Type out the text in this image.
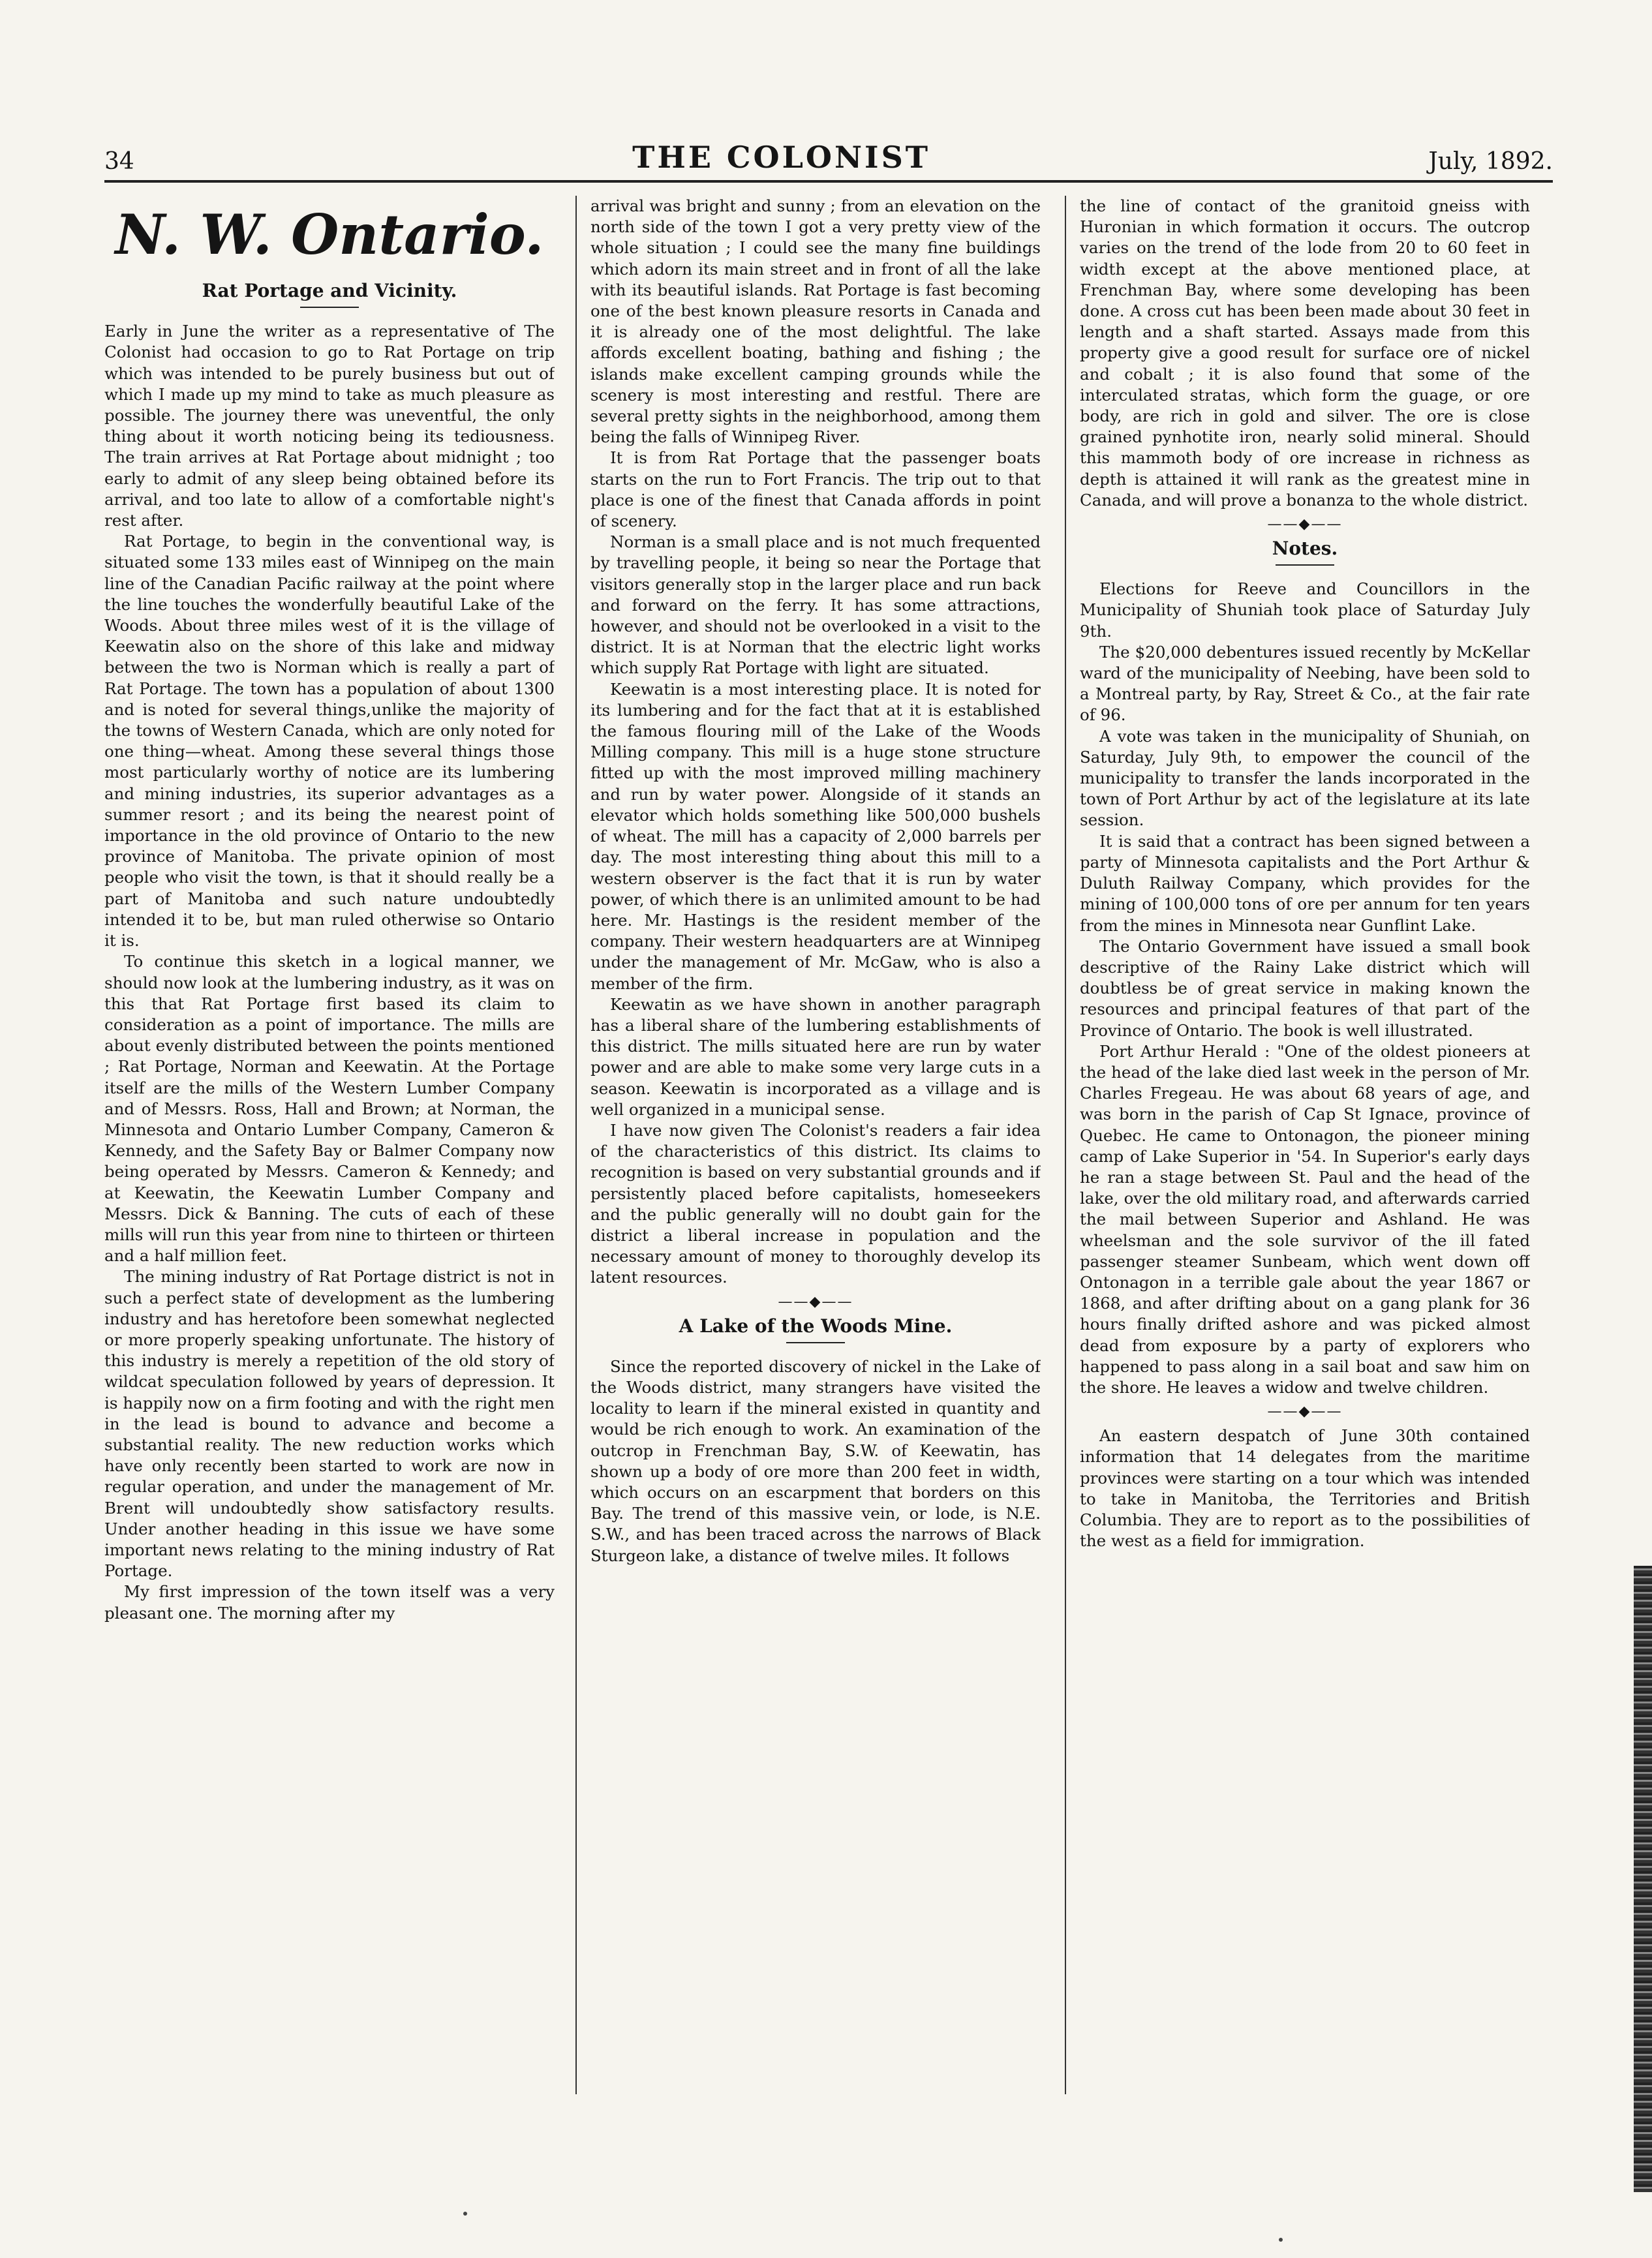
34	THE COLONIST	July, 1892.
N. W. Ontario.
Rat Portage and Vicinity.

Early in June the writer as a representative of The Colonist had occasion to go to Rat Portage on trip which was intended to be purely business but out of which I made up my mind to take as much pleasure as possible. The journey there was uneventful, the only thing about it worth noticing being its tediousness. The train arrives at Rat Portage about midnight ; too early to admit of any sleep being obtained before its arrival, and too late to allow of a comfortable night's rest after.

Rat Portage, to begin in the conventional way, is situated some 133 miles east of Winnipeg on the main line of the Canadian Pacific railway at the point where the line touches the wonderfully beautiful Lake of the Woods. About three miles west of it is the village of Keewatin also on the shore of this lake and midway between the two is Norman which is really a part of Rat Portage. The town has a population of about 1300 and is noted for several things,unlike the majority of the towns of Western Canada, which are only noted for one thing—wheat. Among these several things those most particularly worthy of notice are its lumbering and mining industries, its superior advantages as a summer resort ; and its being the nearest point of importance in the old province of Ontario to the new province of Manitoba. The private opinion of most people who visit the town, is that it should really be a part of Manitoba and such nature undoubtedly intended it to be, but man ruled otherwise so Ontario it is.

To continue this sketch in a logical manner, we should now look at the lumbering industry, as it was on this that Rat Portage first based its claim to consideration as a point of importance. The mills are about evenly distributed between the points mentioned ; Rat Portage, Norman and Keewatin. At the Portage itself are the mills of the Western Lumber Company and of Messrs. Ross, Hall and Brown; at Norman, the Minnesota and Ontario Lumber Company, Cameron & Kennedy, and the Safety Bay or Balmer Company now being operated by Messrs. Cameron & Kennedy; and at Keewatin, the Keewatin Lumber Company and Messrs. Dick & Banning. The cuts of each of these mills will run this year from nine to thirteen or thirteen and a half million feet.

The mining industry of Rat Portage district is not in such a perfect state of development as the lumbering industry and has heretofore been somewhat neglected or more properly speaking unfortunate. The history of this industry is merely a repetition of the old story of wildcat speculation followed by years of depression. It is happily now on a firm footing and with the right men in the lead is bound to advance and become a substantial reality. The new reduction works which have only recently been started to work are now in regular operation, and under the management of Mr. Brent will undoubtedly show satisfactory results. Under another heading in this issue we have some important news relating to the mining industry of Rat Portage.

My first impression of the town itself was a very pleasant one. The morning after my

arrival was bright and sunny ; from an elevation on the north side of the town I got a very pretty view of the whole situation ; I could see the many fine buildings which adorn its main street and in front of all the lake with its beautiful islands. Rat Portage is fast becoming one of the best known pleasure resorts in Canada and it is already one of the most delightful. The lake affords excellent boating, bathing and fishing ; the islands make excellent camping grounds while the scenery is most interesting and restful. There are several pretty sights in the neighborhood, among them being the falls of Winnipeg River.

It is from Rat Portage that the passenger boats starts on the run to Fort Francis. The trip out to that place is one of the finest that Canada affords in point of scenery.

Norman is a small place and is not much frequented by travelling people, it being so near the Portage that visitors generally stop in the larger place and run back and forward on the ferry. It has some attractions, however, and should not be overlooked in a visit to the district. It is at Norman that the electric light works which supply Rat Portage with light are situated.

Keewatin is a most interesting place. It is noted for its lumbering and for the fact that at it is established the famous flouring mill of the Lake of the Woods Milling company. This mill is a huge stone structure fitted up with the most improved milling machinery and run by water power. Alongside of it stands an elevator which holds something like 500,000 bushels of wheat. The mill has a capacity of 2,000 barrels per day. The most interesting thing about this mill to a western observer is the fact that it is run by water power, of which there is an unlimited amount to be had here. Mr. Hastings is the resident member of the company. Their western headquarters are at Winnipeg under the management of Mr. McGaw, who is also a member of the firm.

Keewatin as we have shown in another paragraph has a liberal share of the lumbering establishments of this district. The mills situated here are run by water power and are able to make some very large cuts in a season. Keewatin is incorporated as a village and is well organized in a municipal sense.

I have now given The Colonist's readers a fair idea of the characteristics of this district. Its claims to recognition is based on very substantial grounds and if persistently placed before capitalists, homeseekers and the public generally will no doubt gain for the district a liberal increase in population and the necessary amount of money to thoroughly develop its latent resources.

——◆——
A Lake of the Woods Mine.

Since the reported discovery of nickel in the Lake of the Woods district, many strangers have visited the locality to learn if the mineral existed in quantity and would be rich enough to work. An examination of the outcrop in Frenchman Bay, S.W. of Keewatin, has shown up a body of ore more than 200 feet in width, which occurs on an escarpment that borders on this Bay. The trend of this massive vein, or lode, is N.E. S.W., and has been traced across the narrows of Black Sturgeon lake, a distance of twelve miles. It follows

the line of contact of the granitoid gneiss with Huronian in which formation it occurs. The outcrop varies on the trend of the lode from 20 to 60 feet in width except at the above mentioned place, at Frenchman Bay, where some developing has been done. A cross cut has been been made about 30 feet in length and a shaft started. Assays made from this property give a good result for surface ore of nickel and cobalt ; it is also found that some of the interculated stratas, which form the guage, or ore body, are rich in gold and silver. The ore is close grained pynhotite iron, nearly solid mineral. Should this mammoth body of ore increase in richness as depth is attained it will rank as the greatest mine in Canada, and will prove a bonanza to the whole district.

——◆——
Notes.

Elections for Reeve and Councillors in the Municipality of Shuniah took place of Saturday July 9th.

The $20,000 debentures issued recently by McKellar ward of the municipality of Neebing, have been sold to a Montreal party, by Ray, Street & Co., at the fair rate of 96.

A vote was taken in the municipality of Shuniah, on Saturday, July 9th, to empower the council of the municipality to transfer the lands incorporated in the town of Port Arthur by act of the legislature at its late session.

It is said that a contract has been signed between a party of Minnesota capitalists and the Port Arthur & Duluth Railway Company, which provides for the mining of 100,000 tons of ore per annum for ten years from the mines in Minnesota near Gunflint Lake.

The Ontario Government have issued a small book descriptive of the Rainy Lake district which will doubtless be of great service in making known the resources and principal features of that part of the Province of Ontario. The book is well illustrated.

Port Arthur Herald : "One of the oldest pioneers at the head of the lake died last week in the person of Mr. Charles Fregeau. He was about 68 years of age, and was born in the parish of Cap St Ignace, province of Quebec. He came to Ontonagon, the pioneer mining camp of Lake Superior in '54. In Superior's early days he ran a stage between St. Paul and the head of the lake, over the old military road, and afterwards carried the mail between Superior and Ashland. He was wheelsman and the sole survivor of the ill fated passenger steamer Sunbeam, which went down off Ontonagon in a terrible gale about the year 1867 or 1868, and after drifting about on a gang plank for 36 hours finally drifted ashore and was picked almost dead from exposure by a party of explorers who happened to pass along in a sail boat and saw him on the shore. He leaves a widow and twelve children.

——◆——

An eastern despatch of June 30th contained information that 14 delegates from the maritime provinces were starting on a tour which was intended to take in Manitoba, the Territories and British Columbia. They are to report as to the possibilities of the west as a field for immigration.
